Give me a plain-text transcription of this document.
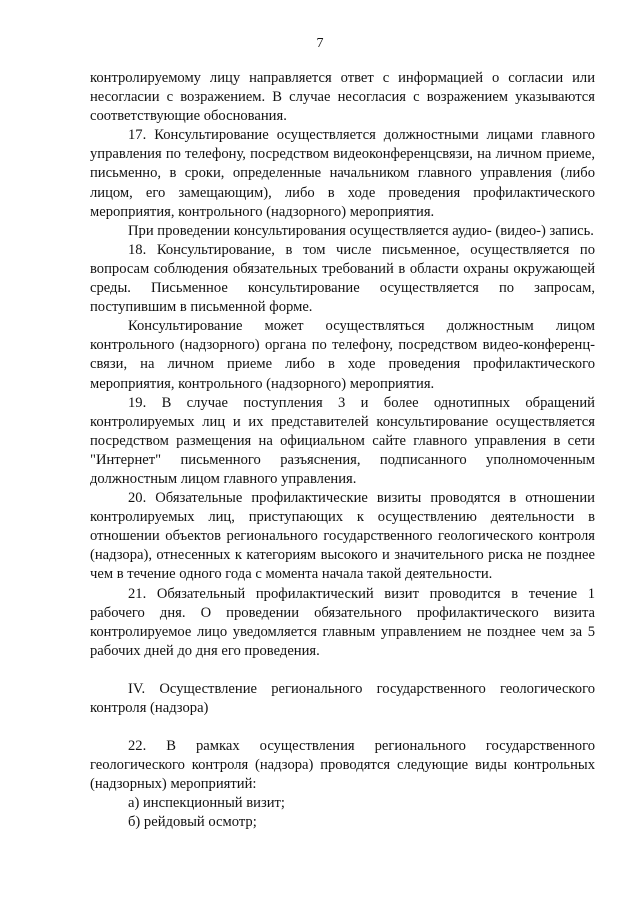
7

контролируемому лицу направляется ответ с информацией о согласии или несогласии с возражением. В случае несогласия с возражением указываются соответствующие обоснования.

17. Консультирование осуществляется должностными лицами главного управления по телефону, посредством видеоконференцсвязи, на личном приеме, письменно, в сроки, определенные начальником главного управления (либо лицом, его замещающим), либо в ходе проведения профилактического мероприятия, контрольного (надзорного) мероприятия.

При проведении консультирования осуществляется аудио- (видео-) запись.

18. Консультирование, в том числе письменное, осуществляется по вопросам соблюдения обязательных требований в области охраны окружающей среды. Письменное консультирование осуществляется по запросам, поступившим в письменной форме.

Консультирование может осуществляться должностным лицом контрольного (надзорного) органа по телефону, посредством видео-конференц-связи, на личном приеме либо в ходе проведения профилактического мероприятия, контрольного (надзорного) мероприятия.

19. В случае поступления 3 и более однотипных обращений контролируемых лиц и их представителей консультирование осуществляется посредством размещения на официальном сайте главного управления в сети "Интернет" письменного разъяснения, подписанного уполномоченным должностным лицом главного управления.

20. Обязательные профилактические визиты проводятся в отношении контролируемых лиц, приступающих к осуществлению деятельности в отношении объектов регионального государственного геологического контроля (надзора), отнесенных к категориям высокого и значительного риска не позднее чем в течение одного года с момента начала такой деятельности.

21. Обязательный профилактический визит проводится в течение 1 рабочего дня. О проведении обязательного профилактического визита контролируемое лицо уведомляется главным управлением не позднее чем за 5 рабочих дней до дня его проведения.

IV. Осуществление регионального государственного геологического контроля (надзора)

22. В рамках осуществления регионального государственного геологического контроля (надзора) проводятся следующие виды контрольных (надзорных) мероприятий:

а) инспекционный визит;

б) рейдовый осмотр;
